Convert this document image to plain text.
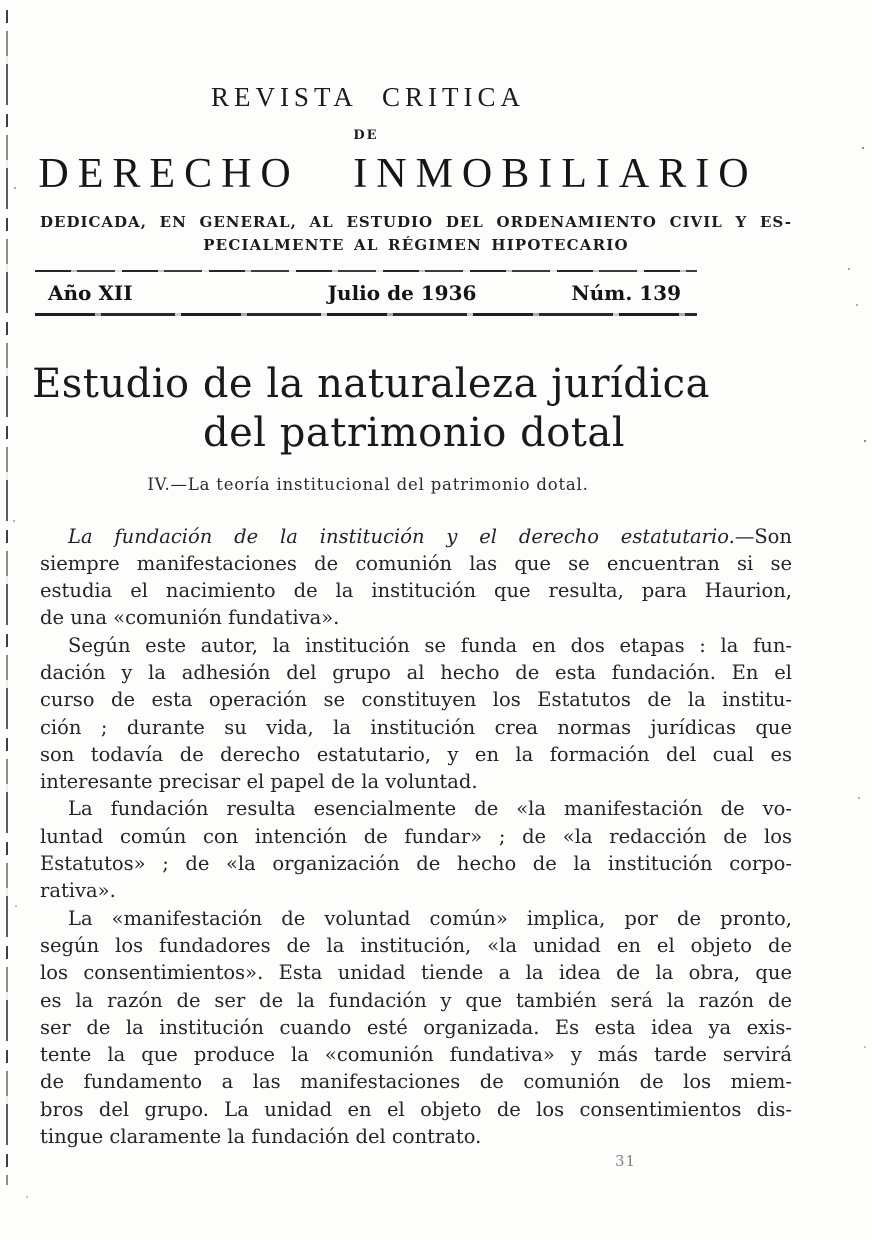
REVISTA CRITICA
DE
DERECHO INMOBILIARIO
DEDICADA, EN GENERAL, AL ESTUDIO DEL ORDENAMIENTO CIVIL Y ES-
PECIALMENTE AL RÉGIMEN HIPOTECARIO
Año XII	Julio de 1936	Núm. 139
Estudio de la naturaleza jurídica
del patrimonio dotal
IV.—La teoría institucional del patrimonio dotal.
La fundación de la institución y el derecho estatutario.—Son
siempre manifestaciones de comunión las que se encuentran si se
estudia el nacimiento de la institución que resulta, para Haurion,
de una «comunión fundativa».
Según este autor, la institución se funda en dos etapas : la fun-
dación y la adhesión del grupo al hecho de esta fundación. En el
curso de esta operación se constituyen los Estatutos de la institu-
ción ; durante su vida, la institución crea normas jurídicas que
son todavía de derecho estatutario, y en la formación del cual es
interesante precisar el papel de la voluntad.
La fundación resulta esencialmente de «la manifestación de vo-
luntad común con intención de fundar» ; de «la redacción de los
Estatutos» ; de «la organización de hecho de la institución corpo-
rativa».
La «manifestación de voluntad común» implica, por de pronto,
según los fundadores de la institución, «la unidad en el objeto de
los consentimientos». Esta unidad tiende a la idea de la obra, que
es la razón de ser de la fundación y que también será la razón de
ser de la institución cuando esté organizada. Es esta idea ya exis-
tente la que produce la «comunión fundativa» y más tarde servirá
de fundamento a las manifestaciones de comunión de los miem-
bros del grupo. La unidad en el objeto de los consentimientos dis-
tingue claramente la fundación del contrato.
31
